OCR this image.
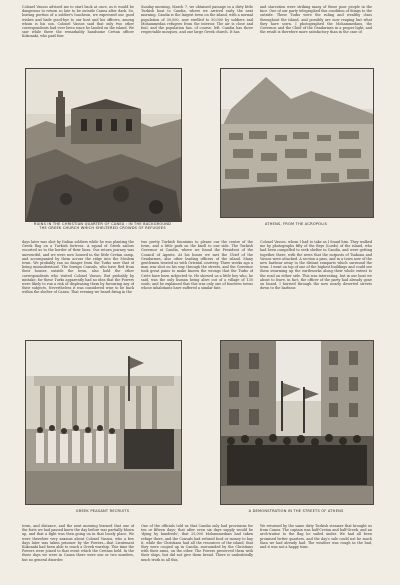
Colonel Vassos advised me to start back at once, as it would be dangerous to return so late to be outside Canea after dark. So, leaving portion of a soldier's luncheon, we expressed our good wishes and bade good-bye to our host and his officers, among whom is his son. Colonel Vassos said that only two other correspondents had ever been since he landed on the island. We saw while there the remarkably handsome Cretan officer Kokonaki, who paid four

Sunday morning, March 7, we obtained passage in a dirty little Turkish boat to Candia, where we arrived early the next morning. Candia is the largest town on the island, with a normal population of 30,000, now swelled to 50,000 by soldiers and Mohammedan refugees from the interior. The air is close and foul, and the population has, of course, left. Candia has three respectable mosques, and one large Greek church. It has

and starvation were striking many of these poor people in the face. One of our party telegraphed this condition of things to the outside. These Turks were the ruling and wealthy class throughout the island, and possibly are now reaping but what they have sown. I photographed the Mohammedans, the Governor, and the Chief of the Gendarmes in a proper light, and the result is therefore more satisfactory than in the case of

RUINS IN THE CHRISTIAN QUARTER OF CANEA : IN THE BACKGROUND
THE GREEK CHURCH WHICH SHELTERED CROWDS OF REFUGEES
ATHENS, FROM THE ACROPOLIS

days later was shot by Italian soldiers while he was planting the Greek flag on a Turkish fortress. A squad of Greek sailors escorted us to the border of their lines. Our return journey was uneventful, and we were now housed in the little Cretan camp, and accompanied by them across the ridge into the Moslem town. We probably ran no danger from the Turks save that of being misunderstood. The foreign Consuls, who have fled from their houses outside the town, also hold the other correspondents who visited Colonel Vassos. But probably by mistake, for these Turks apparently had no idea that the Powers were likely to run a risk of displeasing them by favouring any of their subjects. Nevertheless it was considered wise to be back within the shelter of Canea. That evening we heard firing in the

two pretty Turkish fountains to please our the centre of the town, and a little park on the knoll to one side. The Turkish Governor at Candia, where we found the President of the Council of Agents. At his house we met the Chief of the Gendarmes, also other leading officers of the island. Many gentlemen treated us with Oriental courtesy. Three weeks ago a man was shot on his way through the streets, and the Governor took great pains to make known the wrongs that the Turks of Crete have been subjected to. He showed us a little boy who, he said, was the only human being alive out of a village of 130 souls; and he explained that this was only one of fourteen towns whose inhabitants have suffered a similar fate.

Colonel Vassos, whom I had to take as I found him. They walked me by photographs fifty of the Beys (Lords) of the island, who had been compelled to seek shelter in Candia, and were getting together there, with the news that the outposts of Tsakona and Vassos were attacked. A section a pass, and in a town now of the new harbour away to the distant ramparts which surround the town. I went on top of one of the highest buildings and could see them swarming up the earthworks along their whole extent to the road on either side. This was interesting, but in our boat we about to leave, in fact, the officer of the party had already gone on board. I hurried through the now nearly deserted streets down to the harbour.

GREEK PEASANT RECRUITS	A DEMONSTRATION IN THE STREETS OF ATHENS

town, and distance, and the next morning learned that one of the forts we had passed knew the day before was partially blown up, and that a fight was then going on in that lonely place. We were therefore very anxious about Colonel Vassos, who a few days later was taken prisoner by the Powers—that Lieutenant Kokonaki had been able to reach a Greek warship. This time the Powers were joined to that event which the Cretans held. In the three days we were in Canea there were one or two murders, but no general disorder.

One of the officials told us that Candia only had provisions for ten or fifteen days; that after even six days supply would be 'dying by hundreds'; that 25,000 Mohammedans had taken refuge there, and the Consuls had refused food or money to buy it, while the Christians had all the resources of the island, that they were cooped up in Candia, surrounded by the Christians with their arms, on the other. The Powers preserved them with their ships, but did not give them bread. There is undoubtedly much truth in all this,

We returned by the same dirty Turkish steamer that brought us from Canea. The captain was half-Cretan and half-Greek, and an arch-traitor to the flag he sailed under. We had all been promised better quarters, and the day's sale could not be much than we had already had. The weather was rough in the bad, and it was not a happy time.
